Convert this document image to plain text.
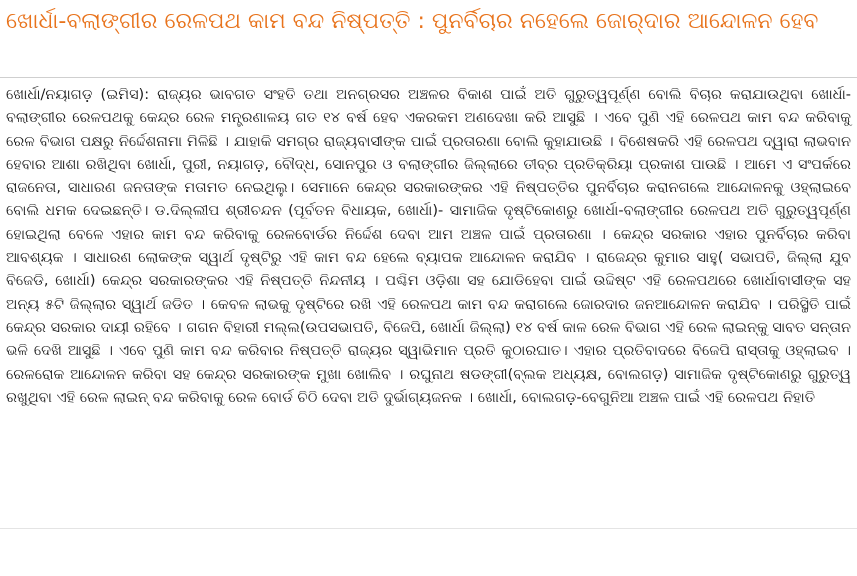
ଖୋର୍ଧା-ବଲାଙ୍ଗୀର ରେଳପଥ କାମ ବନ୍ଦ ନିଷ୍ପତ୍ତି : ପୁନର୍ବିଚାର ନହେଲେ ଜୋର୍‌ଦାର ଆନ୍ଦୋଳନ ହେବ

ଖୋର୍ଧା/ନୟାଗଡ଼ (ଇମିସ): ରାଜ୍ୟର ଭାବଗତ ସଂହତି ତଥା ଅନଗ୍ରସର ଅଞ୍ଚଳର ବିକାଶ ପାଇଁ ଅତି ଗୁରୁତ୍ୱପୂର୍ଣ୍ଣ ବୋଲି ବିଚାର କରାଯାଉଥିବା ଖୋର୍ଧା-ବଲାଙ୍ଗୀର ରେଳପଥକୁ କେନ୍ଦ୍ର ରେଳ ମନ୍ତ୍ରଣାଳୟ ଗତ ୧୪ ବର୍ଷ ହେବ ଏକରକମ ଅଣଦେଖା କରି ଆସୁଛି । ଏବେ ପୁଣି ଏହି ରେଳପଥ କାମ ବନ୍ଦ କରିବାକୁ ରେଳ ବିଭାଗ ପକ୍ଷରୁ ନିର୍ଦ୍ଦେଶନାମା ମିଳିଛି । ଯାହାକି ସମଗ୍ର ରାଜ୍ୟବାସୀଙ୍କ ପାଇଁ ପ୍ରତାରଣା ବୋଲି କୁହାଯାଉଛି । ବିଶେଷକରି ଏହି ରେଳପଥ ଦ୍ୱାରା ଲାଭବାନ ହେବାର ଆଶା ରଖିଥିବା ଖୋର୍ଧା, ପୁରୀ, ନୟାଗଡ଼, ବୌଦ୍ଧ, ସୋନପୁର ଓ ବଲାଙ୍ଗୀର ଜିଲ୍ଲାରେ ତୀବ୍ର ପ୍ରତିକ୍ରିୟା ପ୍ରକାଶ ପାଉଛି । ଆମେ ଏ ସଂପର୍କରେ ରାଜନେତା, ସାଧାରଣ ଜନତାଙ୍କ ମତାମତ ନେଇଥିଲୁ। ସେମାନେ କେନ୍ଦ୍ର ସରକାରଙ୍କର ଏହି ନିଷ୍ପତ୍ତିର ପୁନର୍ବିଚାର କରାନଗଲେ ଆନ୍ଦୋଳନକୁ ଓହ୍ଲାଇବେ ବୋଲି ଧମକ ଦେଇଛନ୍ତି। ଡ.ଦିଲ୍ଲୀପ ଶ୍ରୀଚନ୍ଦନ (ପୂର୍ବତନ ବିଧାୟକ, ଖୋର୍ଧା)- ସାମାଜିକ ଦୃଷ୍ଟିକୋଣରୁ ଖୋର୍ଧା-ବଲାଙ୍ଗୀର ରେଳପଥ ଅତି ଗୁରୁତ୍ୱପୂର୍ଣ୍ଣ ହୋଇଥିଲା ବେଳେ ଏହାର କାମ ବନ୍ଦ କରିବାକୁ ରେଳବୋର୍ଡର ନିର୍ଦ୍ଦେଶ ଦେବା ଆମ ଅଞ୍ଚଳ ପାଇଁ ପ୍ରତାରଣା । କେନ୍ଦ୍ର ସରକାର ଏହାର ପୁନର୍ବିଚାର କରିବା ଆବଶ୍ୟକ । ସାଧାରଣ ଲୋକଙ୍କ ସ୍ୱାର୍ଥ ଦୃଷ୍ଟିରୁ ଏହି କାମ ବନ୍ଦ ହେଲେ ବ୍ୟାପକ ଆନ୍ଦୋଳନ କରାଯିବ । ରାଜେନ୍ଦ୍ର କୁମାର ସାହୁ( ସଭାପତି, ଜିଲ୍ଲା ଯୁବ ବିଜେଡି, ଖୋର୍ଧା) କେନ୍ଦ୍ର ସରକାରଙ୍କର ଏହି ନିଷ୍ପତ୍ତି ନିନ୍ଦନୀୟ । ପଶ୍ଚିମ ଓଡ଼ିଶା ସହ ଯୋଡିହେବା ପାଇଁ ଉଦ୍ଦିଷ୍ଟ ଏହି ରେଳପଥରେ ଖୋର୍ଧାବାସୀଙ୍କ ସହ ଅନ୍ୟ ୫ଟି ଜିଲ୍ଲାର ସ୍ୱାର୍ଥ ଜଡିତ । କେବଳ ଲାଭକୁ ଦୃଷ୍ଟିରେ ରଖି ଏହି ରେଳପଥ କାମ ବନ୍ଦ କରାଗଲେ ଜୋରଦାର ଜନଆନ୍ଦୋଳନ କରାଯିବ । ପରିସ୍ଥିତି ପାଇଁ କେନ୍ଦ୍ର ସରକାର ଦାୟୀ ରହିବେ । ଗଗନ ବିହାରୀ ମଲ୍ଲ(ଉପସଭାପତି, ବିଜେପି, ଖୋର୍ଧା ଜିଲ୍ଲା) ୧୪ ବର୍ଷ କାଳ ରେଳ ବିଭାଗ ଏହି ରେଳ ଲାଇନ୍‌କୁ ସାବତ ସନ୍ତାନ ଭଳି ଦେଖି ଆସୁଛି । ଏବେ ପୁଣି କାମ ବନ୍ଦ କରିବାର ନିଷ୍ପତ୍ତି ରାଜ୍ୟର ସ୍ୱାଭିମାନ ପ୍ରତି କୁଠାରଘାତ। ଏହାର ପ୍ରତିବାଦରେ ବିଜେପି ରାସ୍ତାକୁ ଓହ୍ଲାଇବ । ରେଳରୋକ ଆନ୍ଦୋଳନ କରିବା ସହ କେନ୍ଦ୍ର ସରକାରଙ୍କ ମୁଖା ଖୋଲିବ । ରଘୁନାଥ ଷଡଙ୍ଗୀ(ବ୍ଲକ ଅଧ୍ୟକ୍ଷ, ବୋଲଗଡ଼) ସାମାଜିକ ଦୃଷ୍ଟିକୋଣରୁ ଗୁରୁତ୍ୱ ରଖୁଥିବା ଏହି ରେଳ ଲାଇନ୍ ବନ୍ଦ କରିବାକୁ ରେଳ ବୋର୍ଡ ଚିଠି ଦେବା ଅତି ଦୁର୍ଭାଗ୍ୟଜନକ । ଖୋର୍ଧା, ବୋଲଗଡ଼-ବେଗୁନିଆ ଅଞ୍ଚଳ ପାଇଁ ଏହି ରେଳପଥ ନିହାତି
